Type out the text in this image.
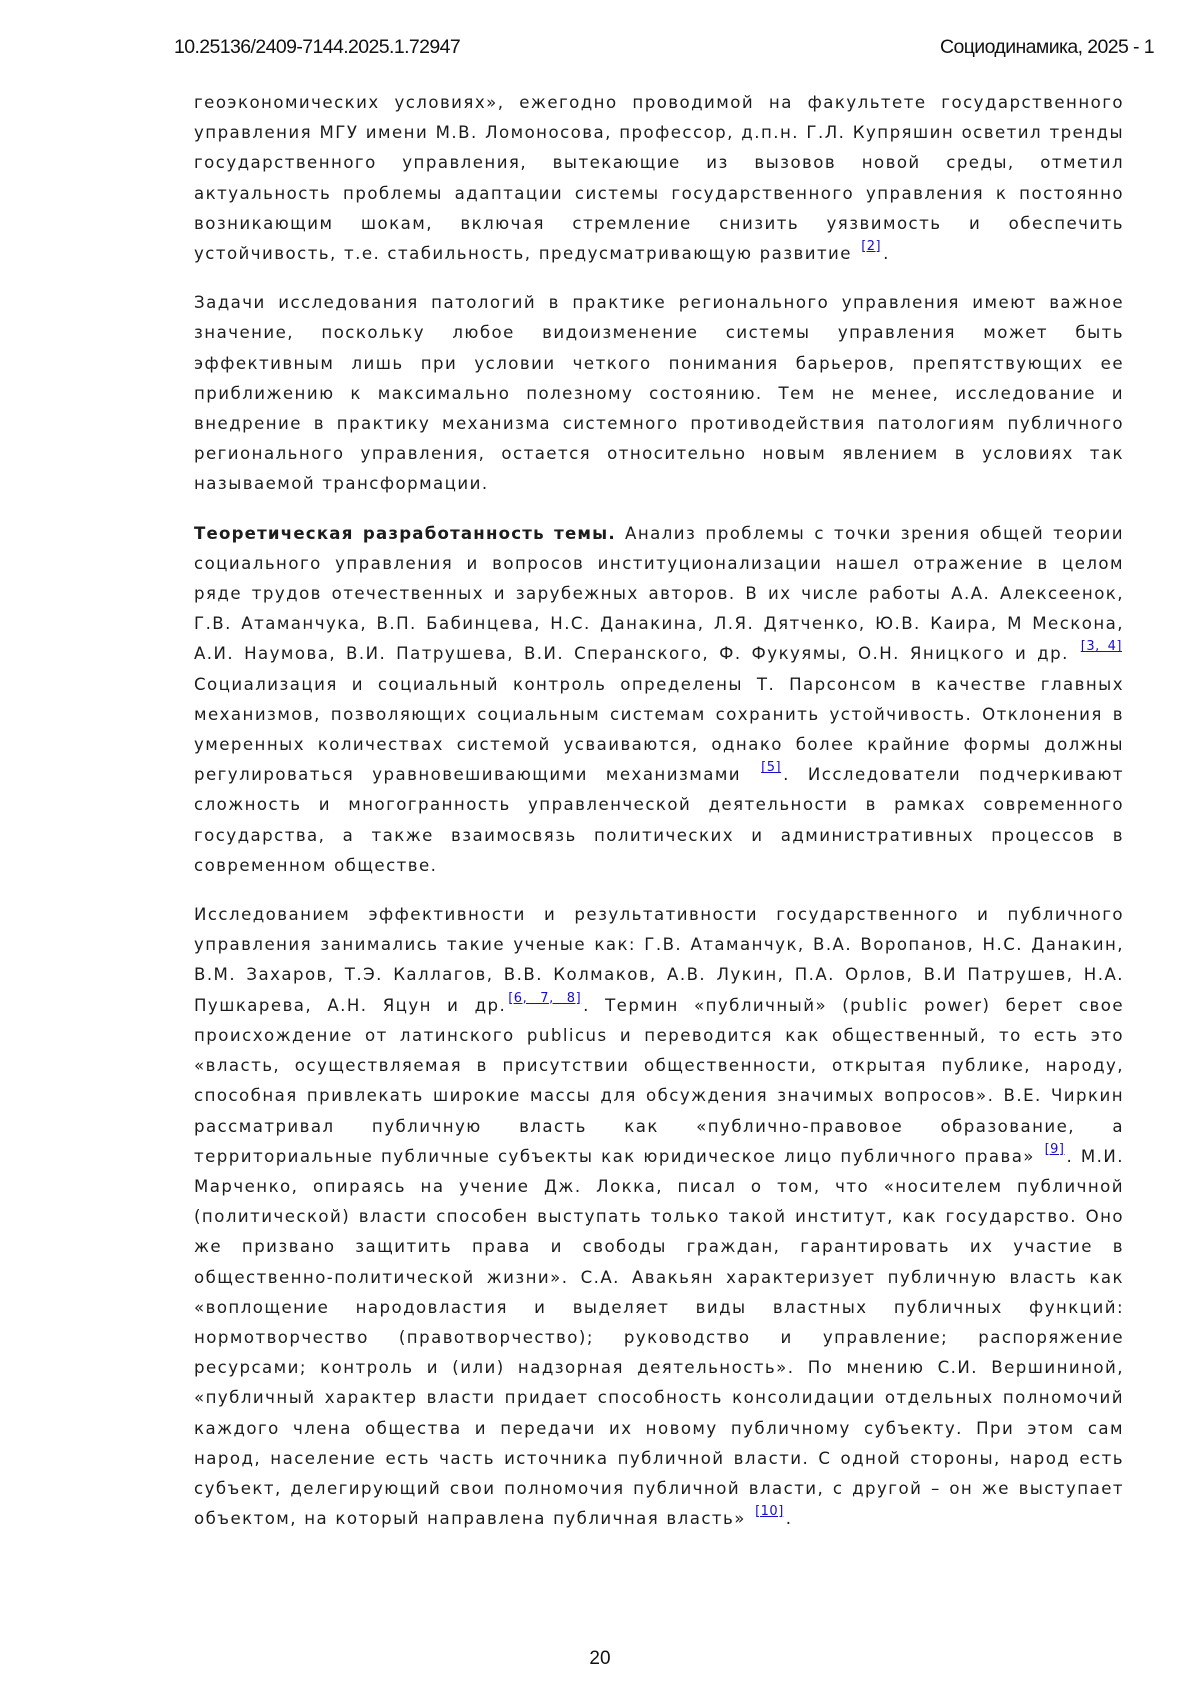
10.25136/2409-7144.2025.1.72947	Социодинамика, 2025 - 1

геоэкономических условиях», ежегодно проводимой на факультете государственного управления МГУ имени М.В. Ломоносова, профессор, д.п.н. Г.Л. Купряшин осветил тренды государственного управления, вытекающие из вызовов новой среды, отметил актуальность проблемы адаптации системы государственного управления к постоянно возникающим шокам, включая стремление снизить уязвимость и обеспечить устойчивость, т.е. стабильность, предусматривающую развитие [2] .

Задачи исследования патологий в практике регионального управления имеют важное значение, поскольку любое видоизменение системы управления может быть эффективным лишь при условии четкого понимания барьеров, препятствующих ее приближению к максимально полезному состоянию. Тем не менее, исследование и внедрение в практику механизма системного противодействия патологиям публичного регионального управления, остается относительно новым явлением в условиях так называемой трансформации.

Теоретическая разработанность темы. Анализ проблемы с точки зрения общей теории социального управления и вопросов институционализации нашел отражение в целом ряде трудов отечественных и зарубежных авторов. В их числе работы А.А. Алексеенок, Г.В. Атаманчука, В.П. Бабинцева, Н.С. Данакина, Л.Я. Дятченко, Ю.В. Каира, М Мескона, А.И. Наумова, В.И. Патрушева, В.И. Сперанского, Ф. Фукуямы, О.Н. Яницкого и др. [3, 4] Социализация и социальный контроль определены Т. Парсонсом в качестве главных механизмов, позволяющих социальным системам сохранить устойчивость. Отклонения в умеренных количествах системой усваиваются, однако более крайние формы должны регулироваться уравновешивающими механизмами [5] . Исследователи подчеркивают сложность и многогранность управленческой деятельности в рамках современного государства, а также взаимосвязь политических и административных процессов в современном обществе.

Исследованием эффективности и результативности государственного и публичного управления занимались такие ученые как: Г.В. Атаманчук, В.А. Воропанов, Н.С. Данакин, В.М. Захаров, Т.Э. Каллагов, В.В. Колмаков, А.В. Лукин, П.А. Орлов, В.И Патрушев, Н.А. Пушкарева, А.Н. Яцун и др. [6, 7, 8] . Термин «публичный» (public power) берет свое происхождение от латинского publicus и переводится как общественный, то есть это «власть, осуществляемая в присутствии общественности, открытая публике, народу, способная привлекать широкие массы для обсуждения значимых вопросов». В.Е. Чиркин рассматривал публичную власть как «публично-правовое образование, а территориальные публичные субъекты как юридическое лицо публичного права» [9] . М.И. Марченко, опираясь на учение Дж. Локка, писал о том, что «носителем публичной (политической) власти способен выступать только такой институт, как государство. Оно же призвано защитить права и свободы граждан, гарантировать их участие в общественно-политической жизни». С.А. Авакьян характеризует публичную власть как «воплощение народовластия и выделяет виды властных публичных функций: нормотворчество (правотворчество); руководство и управление; распоряжение ресурсами; контроль и (или) надзорная деятельность». По мнению С.И. Вершининой, «публичный характер власти придает способность консолидации отдельных полномочий каждого члена общества и передачи их новому публичному субъекту. При этом сам народ, население есть часть источника публичной власти. С одной стороны, народ есть субъект, делегирующий свои полномочия публичной власти, с другой – он же выступает объектом, на который направлена публичная власть» [10] .

20
